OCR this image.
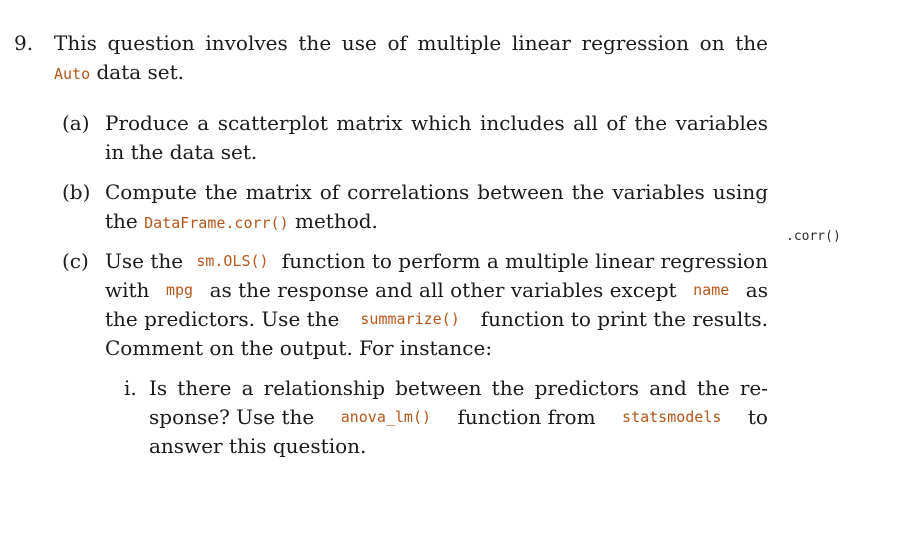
9. This question involves the use of multiple linear regression on the
Auto data set.
(a) Produce a scatterplot matrix which includes all of the variables
in the data set.
(b) Compute the matrix of correlations between the variables using
the DataFrame.corr() method.
.corr()
(c) Use the sm.OLS() function to perform a multiple linear regression
with mpg as the response and all other variables except name as
the predictors. Use the summarize() function to print the results.
Comment on the output. For instance:
i. Is there a relationship between the predictors and the re-
sponse? Use the anova_lm() function from statsmodels to
answer this question.
